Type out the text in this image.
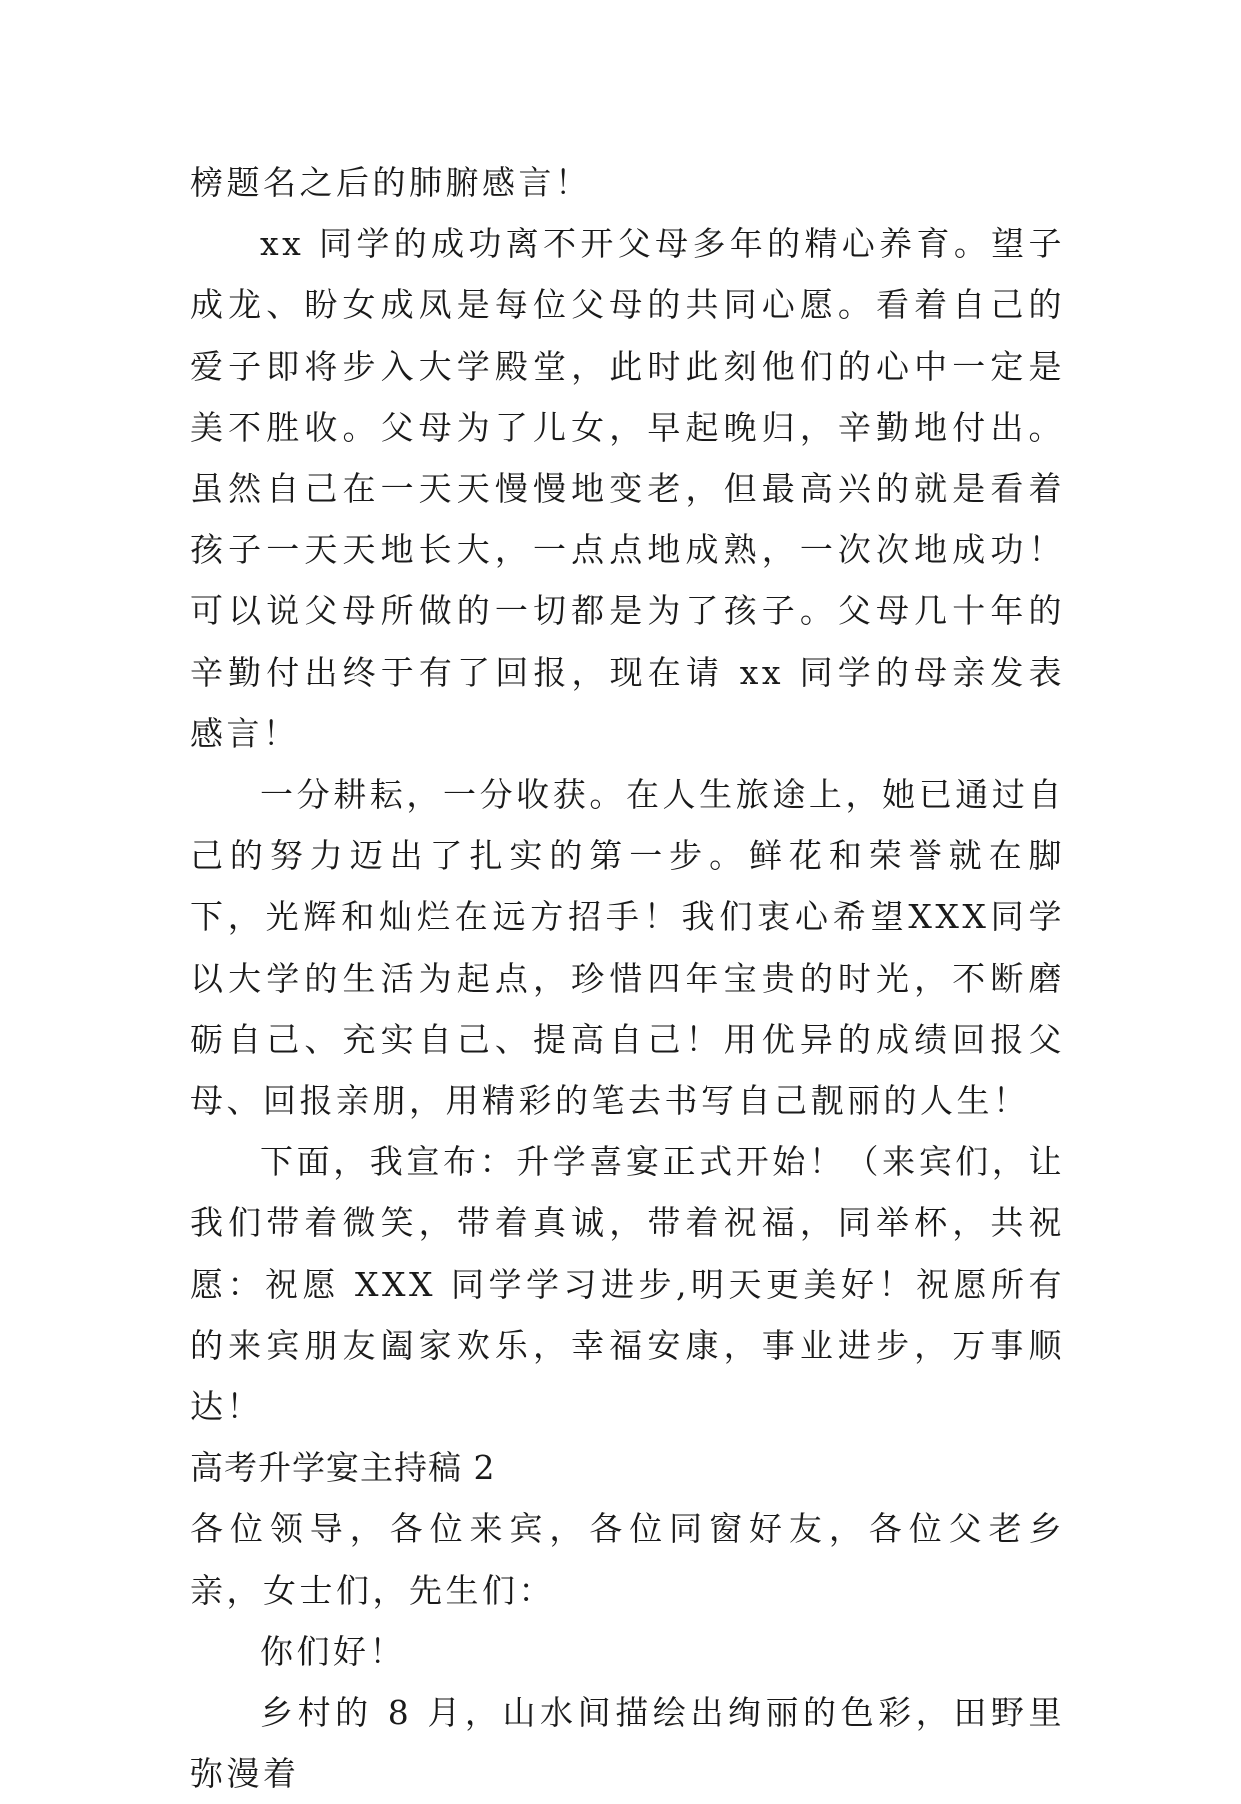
榜题名之后的肺腑感言！

xx 同学的成功离不开父母多年的精心养育。望子成龙、盼女成凤是每位父母的共同心愿。看着自己的爱子即将步入大学殿堂，此时此刻他们的心中一定是美不胜收。父母为了儿女，早起晚归，辛勤地付出。虽然自己在一天天慢慢地变老，但最高兴的就是看着孩子一天天地长大，一点点地成熟，一次次地成功！可以说父母所做的一切都是为了孩子。父母几十年的辛勤付出终于有了回报，现在请 xx 同学的母亲发表感言！

一分耕耘，一分收获。在人生旅途上，她已通过自己的努力迈出了扎实的第一步。鲜花和荣誉就在脚下，光辉和灿烂在远方招手！我们衷心希望XXX同学以大学的生活为起点，珍惜四年宝贵的时光，不断磨砺自己、充实自己、提高自己！用优异的成绩回报父母、回报亲朋，用精彩的笔去书写自己靓丽的人生！

下面，我宣布：升学喜宴正式开始！（来宾们，让我们带着微笑，带着真诚，带着祝福，同举杯，共祝愿：祝愿 XXX 同学学习进步,明天更美好！祝愿所有的来宾朋友阖家欢乐，幸福安康，事业进步，万事顺达！

高考升学宴主持稿 2

各位领导，各位来宾，各位同窗好友，各位父老乡亲，女士们，先生们：

你们好！

乡村的 8 月，山水间描绘出绚丽的色彩，田野里弥漫着
